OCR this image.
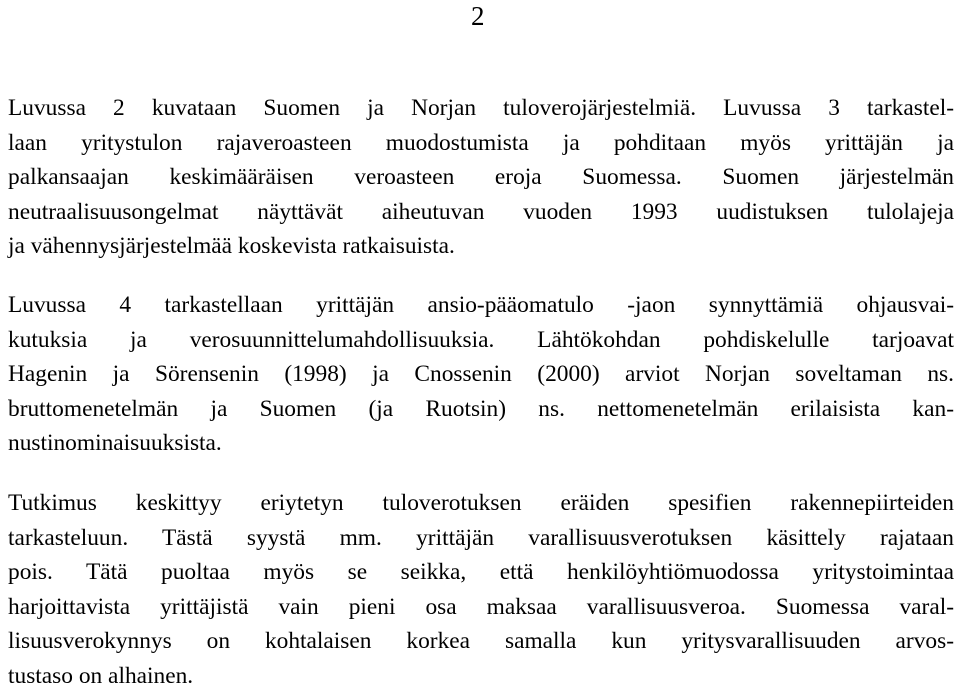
2
Luvussa 2 kuvataan Suomen ja Norjan tuloverojärjestelmiä. Luvussa 3 tarkastel-
laan yritystulon rajaveroasteen muodostumista ja pohditaan myös yrittäjän ja
palkansaajan keskimääräisen veroasteen eroja Suomessa. Suomen järjestelmän
neutraalisuusongelmat näyttävät aiheutuvan vuoden 1993 uudistuksen tulolajeja
ja vähennysjärjestelmää koskevista ratkaisuista.
Luvussa 4 tarkastellaan yrittäjän ansio-pääomatulo -jaon synnyttämiä ohjausvai-
kutuksia ja verosuunnittelumahdollisuuksia. Lähtökohdan pohdiskelulle tarjoavat
Hagenin ja Sörensenin (1998) ja Cnossenin (2000) arviot Norjan soveltaman ns.
bruttomenetelmän ja Suomen (ja Ruotsin) ns. nettomenetelmän erilaisista kan-
nustinominaisuuksista.
Tutkimus keskittyy eriytetyn tuloverotuksen eräiden spesifien rakennepiirteiden
tarkasteluun. Tästä syystä mm. yrittäjän varallisuusverotuksen käsittely rajataan
pois. Tätä puoltaa myös se seikka, että henkilöyhtiömuodossa yritystoimintaa
harjoittavista yrittäjistä vain pieni osa maksaa varallisuusveroa. Suomessa varal-
lisuusverokynnys on kohtalaisen korkea samalla kun yritysvarallisuuden arvos-
tustaso on alhainen.
